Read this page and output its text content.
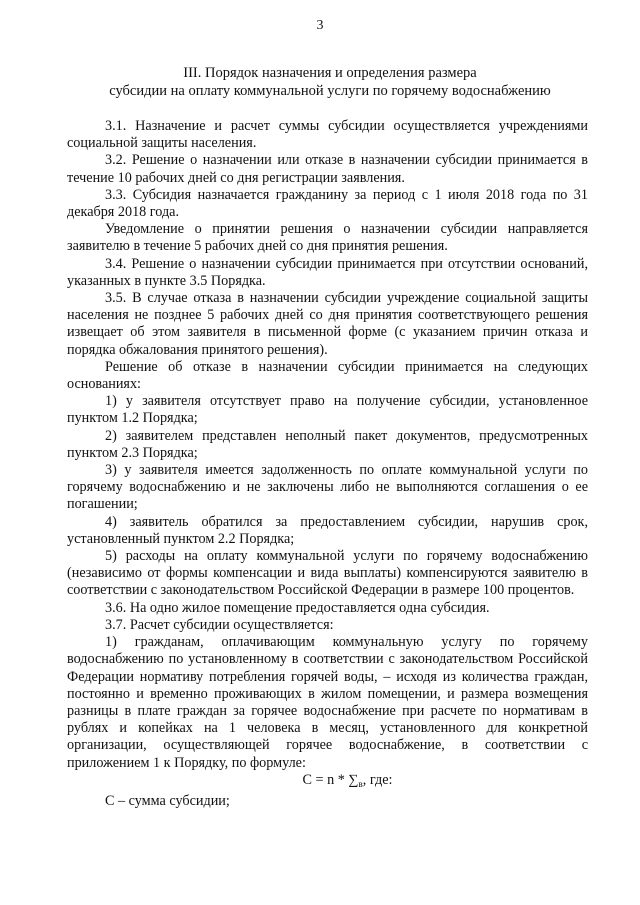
3
III. Порядок назначения и определения размера
субсидии на оплату коммунальной услуги по горячему водоснабжению

3.1. Назначение и расчет суммы субсидии осуществляется учреждениями социальной защиты населения.

3.2. Решение о назначении или отказе в назначении субсидии принимается в течение 10 рабочих дней со дня регистрации заявления.

3.3. Субсидия назначается гражданину за период с 1 июля 2018 года по 31 декабря 2018 года.

Уведомление о принятии решения о назначении субсидии направляется заявителю в течение 5 рабочих дней со дня принятия решения.

3.4. Решение о назначении субсидии принимается при отсутствии оснований, указанных в пункте 3.5 Порядка.

3.5. В случае отказа в назначении субсидии учреждение социальной защиты населения не позднее 5 рабочих дней со дня принятия соответствующего решения извещает об этом заявителя в письменной форме (с указанием причин отказа и порядка обжалования принятого решения).

Решение об отказе в назначении субсидии принимается на следующих основаниях:

1) у заявителя отсутствует право на получение субсидии, установленное пунктом 1.2 Порядка;

2) заявителем представлен неполный пакет документов, предусмотренных пунктом 2.3 Порядка;

3) у заявителя имеется задолженность по оплате коммунальной услуги по горячему водоснабжению и не заключены либо не выполняются соглашения о ее погашении;

4) заявитель обратился за предоставлением субсидии, нарушив срок, установленный пунктом 2.2 Порядка;

5) расходы на оплату коммунальной услуги по горячему водоснабжению (независимо от формы компенсации и вида выплаты) компенсируются заявителю в соответствии с законодательством Российской Федерации в размере 100 процентов.

3.6. На одно жилое помещение предоставляется одна субсидия.

3.7. Расчет субсидии осуществляется:

1) гражданам, оплачивающим коммунальную услугу по горячему водоснабжению по установленному в соответствии с законодательством Российской Федерации нормативу потребления горячей воды, – исходя из количества граждан, постоянно и временно проживающих в жилом помещении, и размера возмещения разницы в плате граждан за горячее водоснабжение при расчете по нормативам в рублях и копейках на 1 человека в месяц, установленного для конкретной организации, осуществляющей горячее водоснабжение, в соответствии с приложением 1 к Порядку, по формуле:

$С = n * \sum_в$, где:

С – сумма субсидии;
